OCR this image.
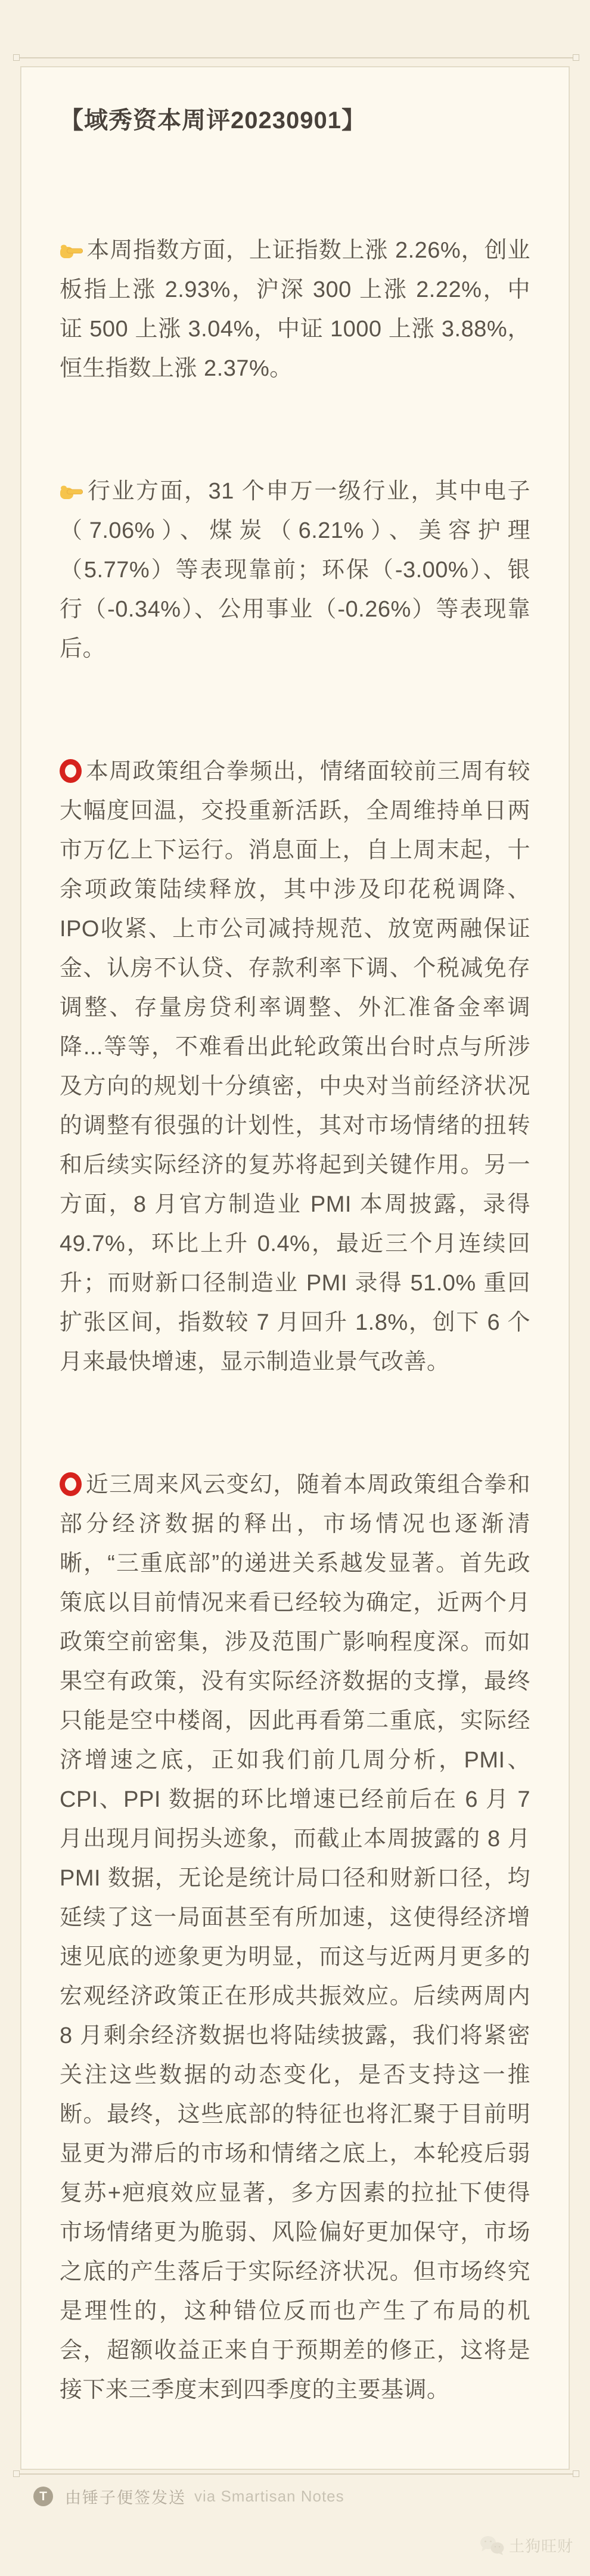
【域秀资本周评20230901】

本周指数方面，上证指数上涨 2.26%，创业板指上涨 2.93%，沪深 300 上涨 2.22%，中证 500 上涨 3.04%，中证 1000 上涨 3.88%，恒生指数上涨 2.37%。

行业方面，31 个申万一级行业，其中电子（7.06%）、煤炭（6.21%）、美容护理（5.77%）等表现靠前；环保（-3.00%）、银行（-0.34%）、公用事业（-0.26%）等表现靠后。

本周政策组合拳频出，情绪面较前三周有较大幅度回温，交投重新活跃，全周维持单日两市万亿上下运行。消息面上，自上周末起，十余项政策陆续释放，其中涉及印花税调降、IPO收紧、上市公司减持规范、放宽两融保证金、认房不认贷、存款利率下调、个税减免存调整、存量房贷利率调整、外汇准备金率调降...等等，不难看出此轮政策出台时点与所涉及方向的规划十分缜密，中央对当前经济状况的调整有很强的计划性，其对市场情绪的扭转和后续实际经济的复苏将起到关键作用。另一方面，8 月官方制造业 PMI 本周披露，录得 49.7%，环比上升 0.4%，最近三个月连续回升；而财新口径制造业 PMI 录得 51.0% 重回扩张区间，指数较 7 月回升 1.8%，创下 6 个月来最快增速，显示制造业景气改善。

近三周来风云变幻，随着本周政策组合拳和部分经济数据的释出，市场情况也逐渐清晰，“三重底部”的递进关系越发显著。首先政策底以目前情况来看已经较为确定，近两个月政策空前密集，涉及范围广影响程度深。而如果空有政策，没有实际经济数据的支撑，最终只能是空中楼阁，因此再看第二重底，实际经济增速之底，正如我们前几周分析，PMI、CPI、PPI 数据的环比增速已经前后在 6 月 7 月出现月间拐头迹象，而截止本周披露的 8 月 PMI 数据，无论是统计局口径和财新口径，均延续了这一局面甚至有所加速，这使得经济增速见底的迹象更为明显，而这与近两月更多的宏观经济政策正在形成共振效应。后续两周内 8 月剩余经济数据也将陆续披露，我们将紧密关注这些数据的动态变化，是否支持这一推断。最终，这些底部的特征也将汇聚于目前明显更为滞后的市场和情绪之底上，本轮疫后弱复苏+疤痕效应显著，多方因素的拉扯下使得市场情绪更为脆弱、风险偏好更加保守，市场之底的产生落后于实际经济状况。但市场终究是理性的，这种错位反而也产生了布局的机会，超额收益正来自于预期差的修正，这将是接下来三季度末到四季度的主要基调。

T 由锤子便签发送 via Smartisan Notes
土狗旺财
